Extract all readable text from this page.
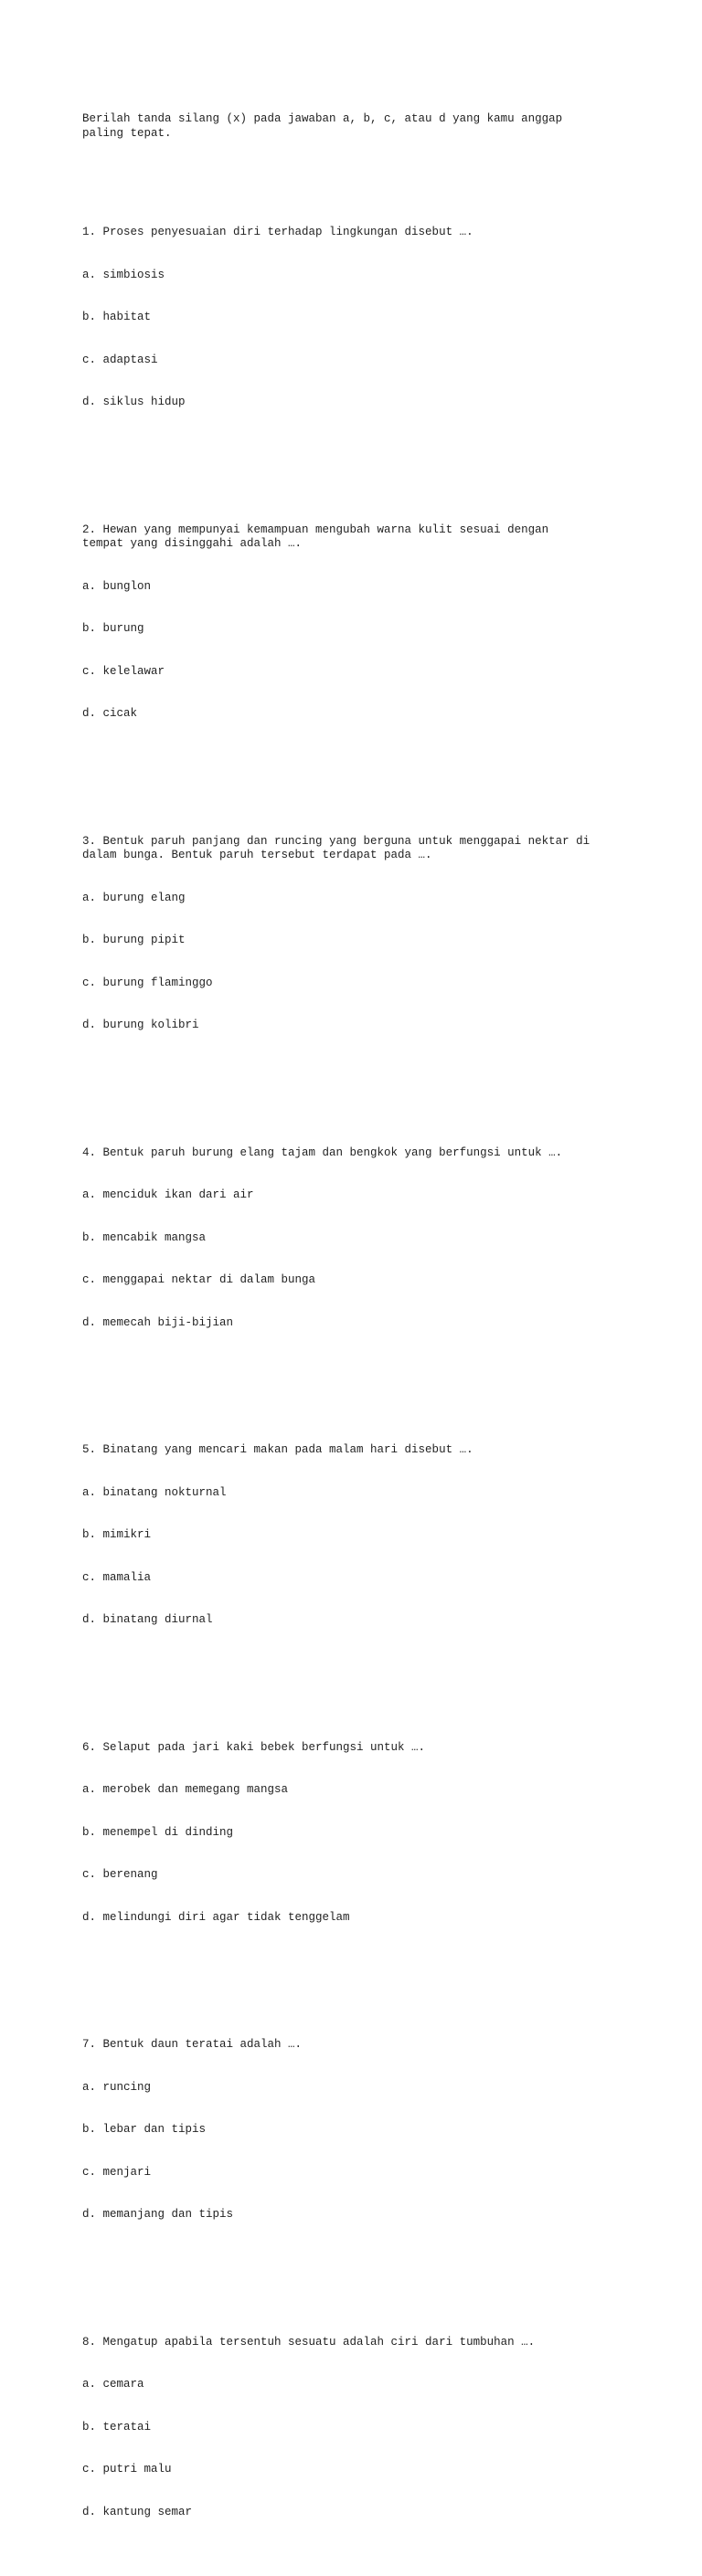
Berilah tanda silang (x) pada jawaban a, b, c, atau d yang kamu anggap
paling tepat.

1. Proses penyesuaian diri terhadap lingkungan disebut ….

a. simbiosis

b. habitat

c. adaptasi

d. siklus hidup

2. Hewan yang mempunyai kemampuan mengubah warna kulit sesuai dengan
tempat yang disinggahi adalah ….

a. bunglon

b. burung

c. kelelawar

d. cicak

3. Bentuk paruh panjang dan runcing yang berguna untuk menggapai nektar di
dalam bunga. Bentuk paruh tersebut terdapat pada ….

a. burung elang

b. burung pipit

c. burung flaminggo

d. burung kolibri

4. Bentuk paruh burung elang tajam dan bengkok yang berfungsi untuk ….

a. menciduk ikan dari air

b. mencabik mangsa

c. menggapai nektar di dalam bunga

d. memecah biji-bijian

5. Binatang yang mencari makan pada malam hari disebut ….

a. binatang nokturnal

b. mimikri

c. mamalia

d. binatang diurnal

6. Selaput pada jari kaki bebek berfungsi untuk ….

a. merobek dan memegang mangsa

b. menempel di dinding

c. berenang

d. melindungi diri agar tidak tenggelam

7. Bentuk daun teratai adalah ….

a. runcing

b. lebar dan tipis

c. menjari

d. memanjang dan tipis

8. Mengatup apabila tersentuh sesuatu adalah ciri dari tumbuhan ….

a. cemara

b. teratai

c. putri malu

d. kantung semar
